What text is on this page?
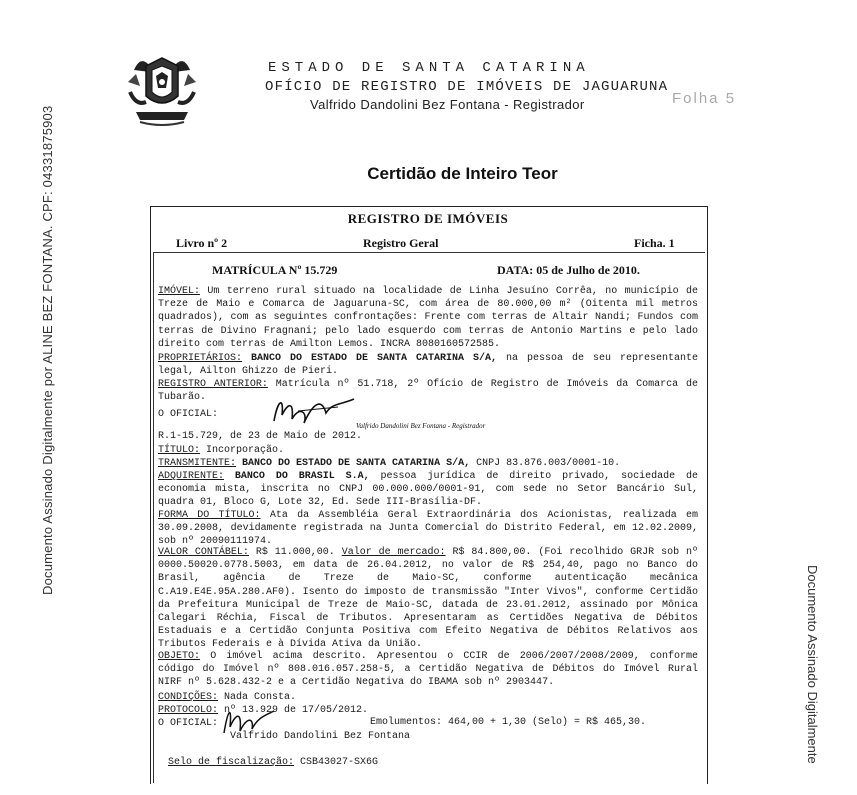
Documento Assinado Digitalmente por ALINE BEZ FONTANA. CPF: 04331875903
Documento Assinado Digitalmente
ESTADO DE SANTA CATARINA
OFÍCIO DE REGISTRO DE IMÓVEIS DE JAGUARUNA
Valfrido Dandolini Bez Fontana - Registrador	Folha 5
Certidão de Inteiro Teor
REGISTRO DE IMÓVEIS
Livro nº 2	Registro Geral	Ficha. 1
MATRÍCULA Nº 15.729	DATA: 05 de Julho de 2010.
IMÓVEL: Um terreno rural situado na localidade de Linha Jesuíno Corrêa, no município de Treze de Maio e Comarca de Jaguaruna-SC, com área de 80.000,00 m² (Oitenta mil metros quadrados), com as seguintes confrontações: Frente com terras de Altair Nandi; Fundos com terras de Divino Fragnani; pelo lado esquerdo com terras de Antonio Martins e pelo lado direito com terras de Amilton Lemos. INCRA 8080160572585.
PROPRIETÁRIOS: BANCO DO ESTADO DE SANTA CATARINA S/A, na pessoa de seu representante legal, Ailton Ghizzo de Pieri.
REGISTRO ANTERIOR: Matrícula nº 51.718, 2º Ofício de Registro de Imóveis da Comarca de Tubarão.
O OFICIAL:
Valfrido Dandolini Bez Fontana - Registrador
R.1-15.729, de 23 de Maio de 2012.
TÍTULO: Incorporação.
TRANSMITENTE: BANCO DO ESTADO DE SANTA CATARINA S/A, CNPJ 83.876.003/0001-10.
ADQUIRENTE: BANCO DO BRASIL S.A, pessoa jurídica de direito privado, sociedade de economia mista, inscrita no CNPJ 00.000.000/0001-91, com sede no Setor Bancário Sul, quadra 01, Bloco G, Lote 32, Ed. Sede III-Brasília-DF.
FORMA DO TÍTULO: Ata da Assembléia Geral Extraordinária dos Acionistas, realizada em 30.09.2008, devidamente registrada na Junta Comercial do Distrito Federal, em 12.02.2009, sob nº 20090111974.
VALOR CONTÁBEL: R$ 11.000,00. Valor de mercado: R$ 84.800,00. (Foi recolhido GRJR sob nº 0000.50020.0778.5003, em data de 26.04.2012, no valor de R$ 254,40, pago no Banco do Brasil, agência de Treze de Maio-SC, conforme autenticação mecânica C.A19.E4E.95A.280.AF0). Isento do imposto de transmissão "Inter Vivos", conforme Certidão da Prefeitura Municipal de Treze de Maio-SC, datada de 23.01.2012, assinado por Mônica Calegari Réchia, Fiscal de Tributos. Apresentaram as Certidões Negativa de Débitos Estaduais e a Certidão Conjunta Positiva com Efeito Negativa de Débitos Relativos aos Tributos Federais e à Dívida Ativa da União.
OBJETO: O imóvel acima descrito. Apresentou o CCIR de 2006/2007/2008/2009, conforme código do Imóvel nº 808.016.057.258-5, a Certidão Negativa de Débitos do Imóvel Rural NIRF nº 5.628.432-2 e a Certidão Negativa do IBAMA sob nº 2903447.
CONDIÇÕES: Nada Consta.
PROTOCOLO: nº 13.929 de 17/05/2012.
O OFICIAL:	Emolumentos: 464,00 + 1,30 (Selo) = R$ 465,30.
Valfrido Dandolini Bez Fontana
Selo de fiscalização: CSB43027-SX6G
